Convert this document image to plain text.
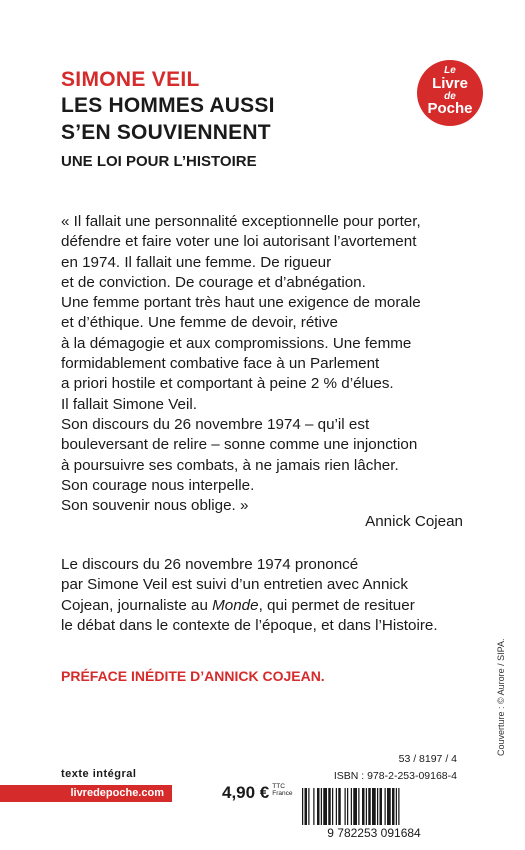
SIMONE VEIL
LES HOMMES AUSSI
S’EN SOUVIENNENT
UNE LOI POUR L’HISTOIRE
Le
Livre
de
Poche
« Il fallait une personnalité exceptionnelle pour porter,
défendre et faire voter une loi autorisant l’avortement
en 1974. Il fallait une femme. De rigueur
et de conviction. De courage et d’abnégation.
Une femme portant très haut une exigence de morale
et d’éthique. Une femme de devoir, rétive
à la démagogie et aux compromissions. Une femme
formidablement combative face à un Parlement
a priori hostile et comportant à peine 2 % d’élues.
Il fallait Simone Veil.
Son discours du 26 novembre 1974 – qu’il est
bouleversant de relire – sonne comme une injonction
à poursuivre ses combats, à ne jamais rien lâcher.
Son courage nous interpelle.
Son souvenir nous oblige. »
Annick Cojean
Le discours du 26 novembre 1974 prononcé
par Simone Veil est suivi d’un entretien avec Annick
Cojean, journaliste au Monde, qui permet de resituer
le débat dans le contexte de l’époque, et dans l’Histoire.
PRÉFACE INÉDITE D’ANNICK COJEAN.	Couverture : © Aurore / SIPA.
53 / 8197 / 4
ISBN : 978-2-253-09168-4
9 782253 091684
texte intégral
livredepoche.com	4,90 € TTC
France
